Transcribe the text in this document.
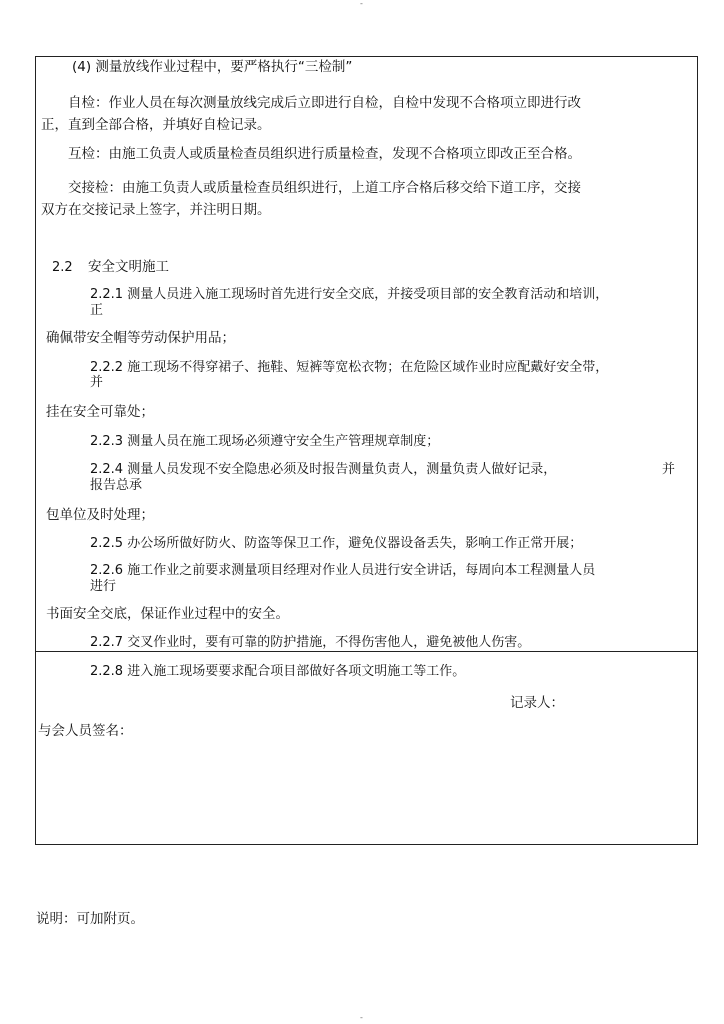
-
(4) 测量放线作业过程中，要严格执行“三检制”
自检：作业人员在每次测量放线完成后立即进行自检，自检中发现不合格项立即进行改
正，直到全部合格，并填好自检记录。
互检：由施工负责人或质量检查员组织进行质量检查，发现不合格项立即改正至合格。
交接检：由施工负责人或质量检查员组织进行，上道工序合格后移交给下道工序，交接
双方在交接记录上签字，并注明日期。
2.2 安全文明施工
2.2.1 测量人员进入施工现场时首先进行安全交底，并接受项目部的安全教育活动和培训，
正
确佩带安全帽等劳动保护用品；
2.2.2 施工现场不得穿裙子、拖鞋、短裤等宽松衣物；在危险区域作业时应配戴好安全带，
并
挂在安全可靠处；
2.2.3 测量人员在施工现场必须遵守安全生产管理规章制度；
2.2.4 测量人员发现不安全隐患必须及时报告测量负责人，测量负责人做好记录，	并
报告总承
包单位及时处理；
2.2.5 办公场所做好防火、防盗等保卫工作，避免仪器设备丢失，影响工作正常开展；
2.2.6 施工作业之前要求测量项目经理对作业人员进行安全讲话，每周向本工程测量人员
进行
书面安全交底，保证作业过程中的安全。
2.2.7 交叉作业时，要有可靠的防护措施，不得伤害他人，避免被他人伤害。
2.2.8 进入施工现场要要求配合项目部做好各项文明施工等工作。
记录人：
与会人员签名：
说明：可加附页。
-
